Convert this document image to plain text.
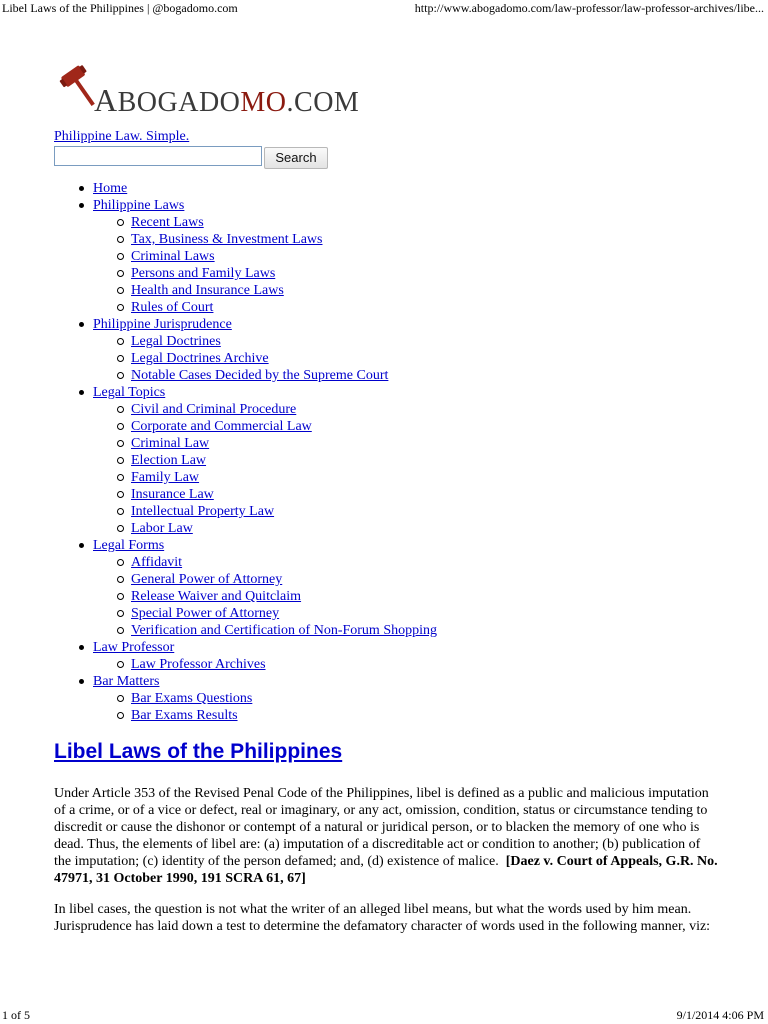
Libel Laws of the Philippines | @bogadomo.com	http://www.abogadomo.com/law-professor/law-professor-archives/libe...
ABOGADOMO.COM
Philippine Law. Simple.
Search
Home
Philippine Laws
Recent Laws
Tax, Business & Investment Laws
Criminal Laws
Persons and Family Laws
Health and Insurance Laws
Rules of Court
Philippine Jurisprudence
Legal Doctrines
Legal Doctrines Archive
Notable Cases Decided by the Supreme Court
Legal Topics
Civil and Criminal Procedure
Corporate and Commercial Law
Criminal Law
Election Law
Family Law
Insurance Law
Intellectual Property Law
Labor Law
Legal Forms
Affidavit
General Power of Attorney
Release Waiver and Quitclaim
Special Power of Attorney
Verification and Certification of Non-Forum Shopping
Law Professor
Law Professor Archives
Bar Matters
Bar Exams Questions
Bar Exams Results
Libel Laws of the Philippines
Under Article 353 of the Revised Penal Code of the Philippines, libel is defined as a public and malicious imputation of a crime, or of a vice or defect, real or imaginary, or any act, omission, condition, status or circumstance tending to discredit or cause the dishonor or contempt of a natural or juridical person, or to blacken the memory of one who is dead. Thus, the elements of libel are: (a) imputation of a discreditable act or condition to another; (b) publication of the imputation; (c) identity of the person defamed; and, (d) existence of malice. [Daez v. Court of Appeals, G.R. No. 47971, 31 October 1990, 191 SCRA 61, 67]
In libel cases, the question is not what the writer of an alleged libel means, but what the words used by him mean. Jurisprudence has laid down a test to determine the defamatory character of words used in the following manner, viz:
1 of 5	9/1/2014 4:06 PM
